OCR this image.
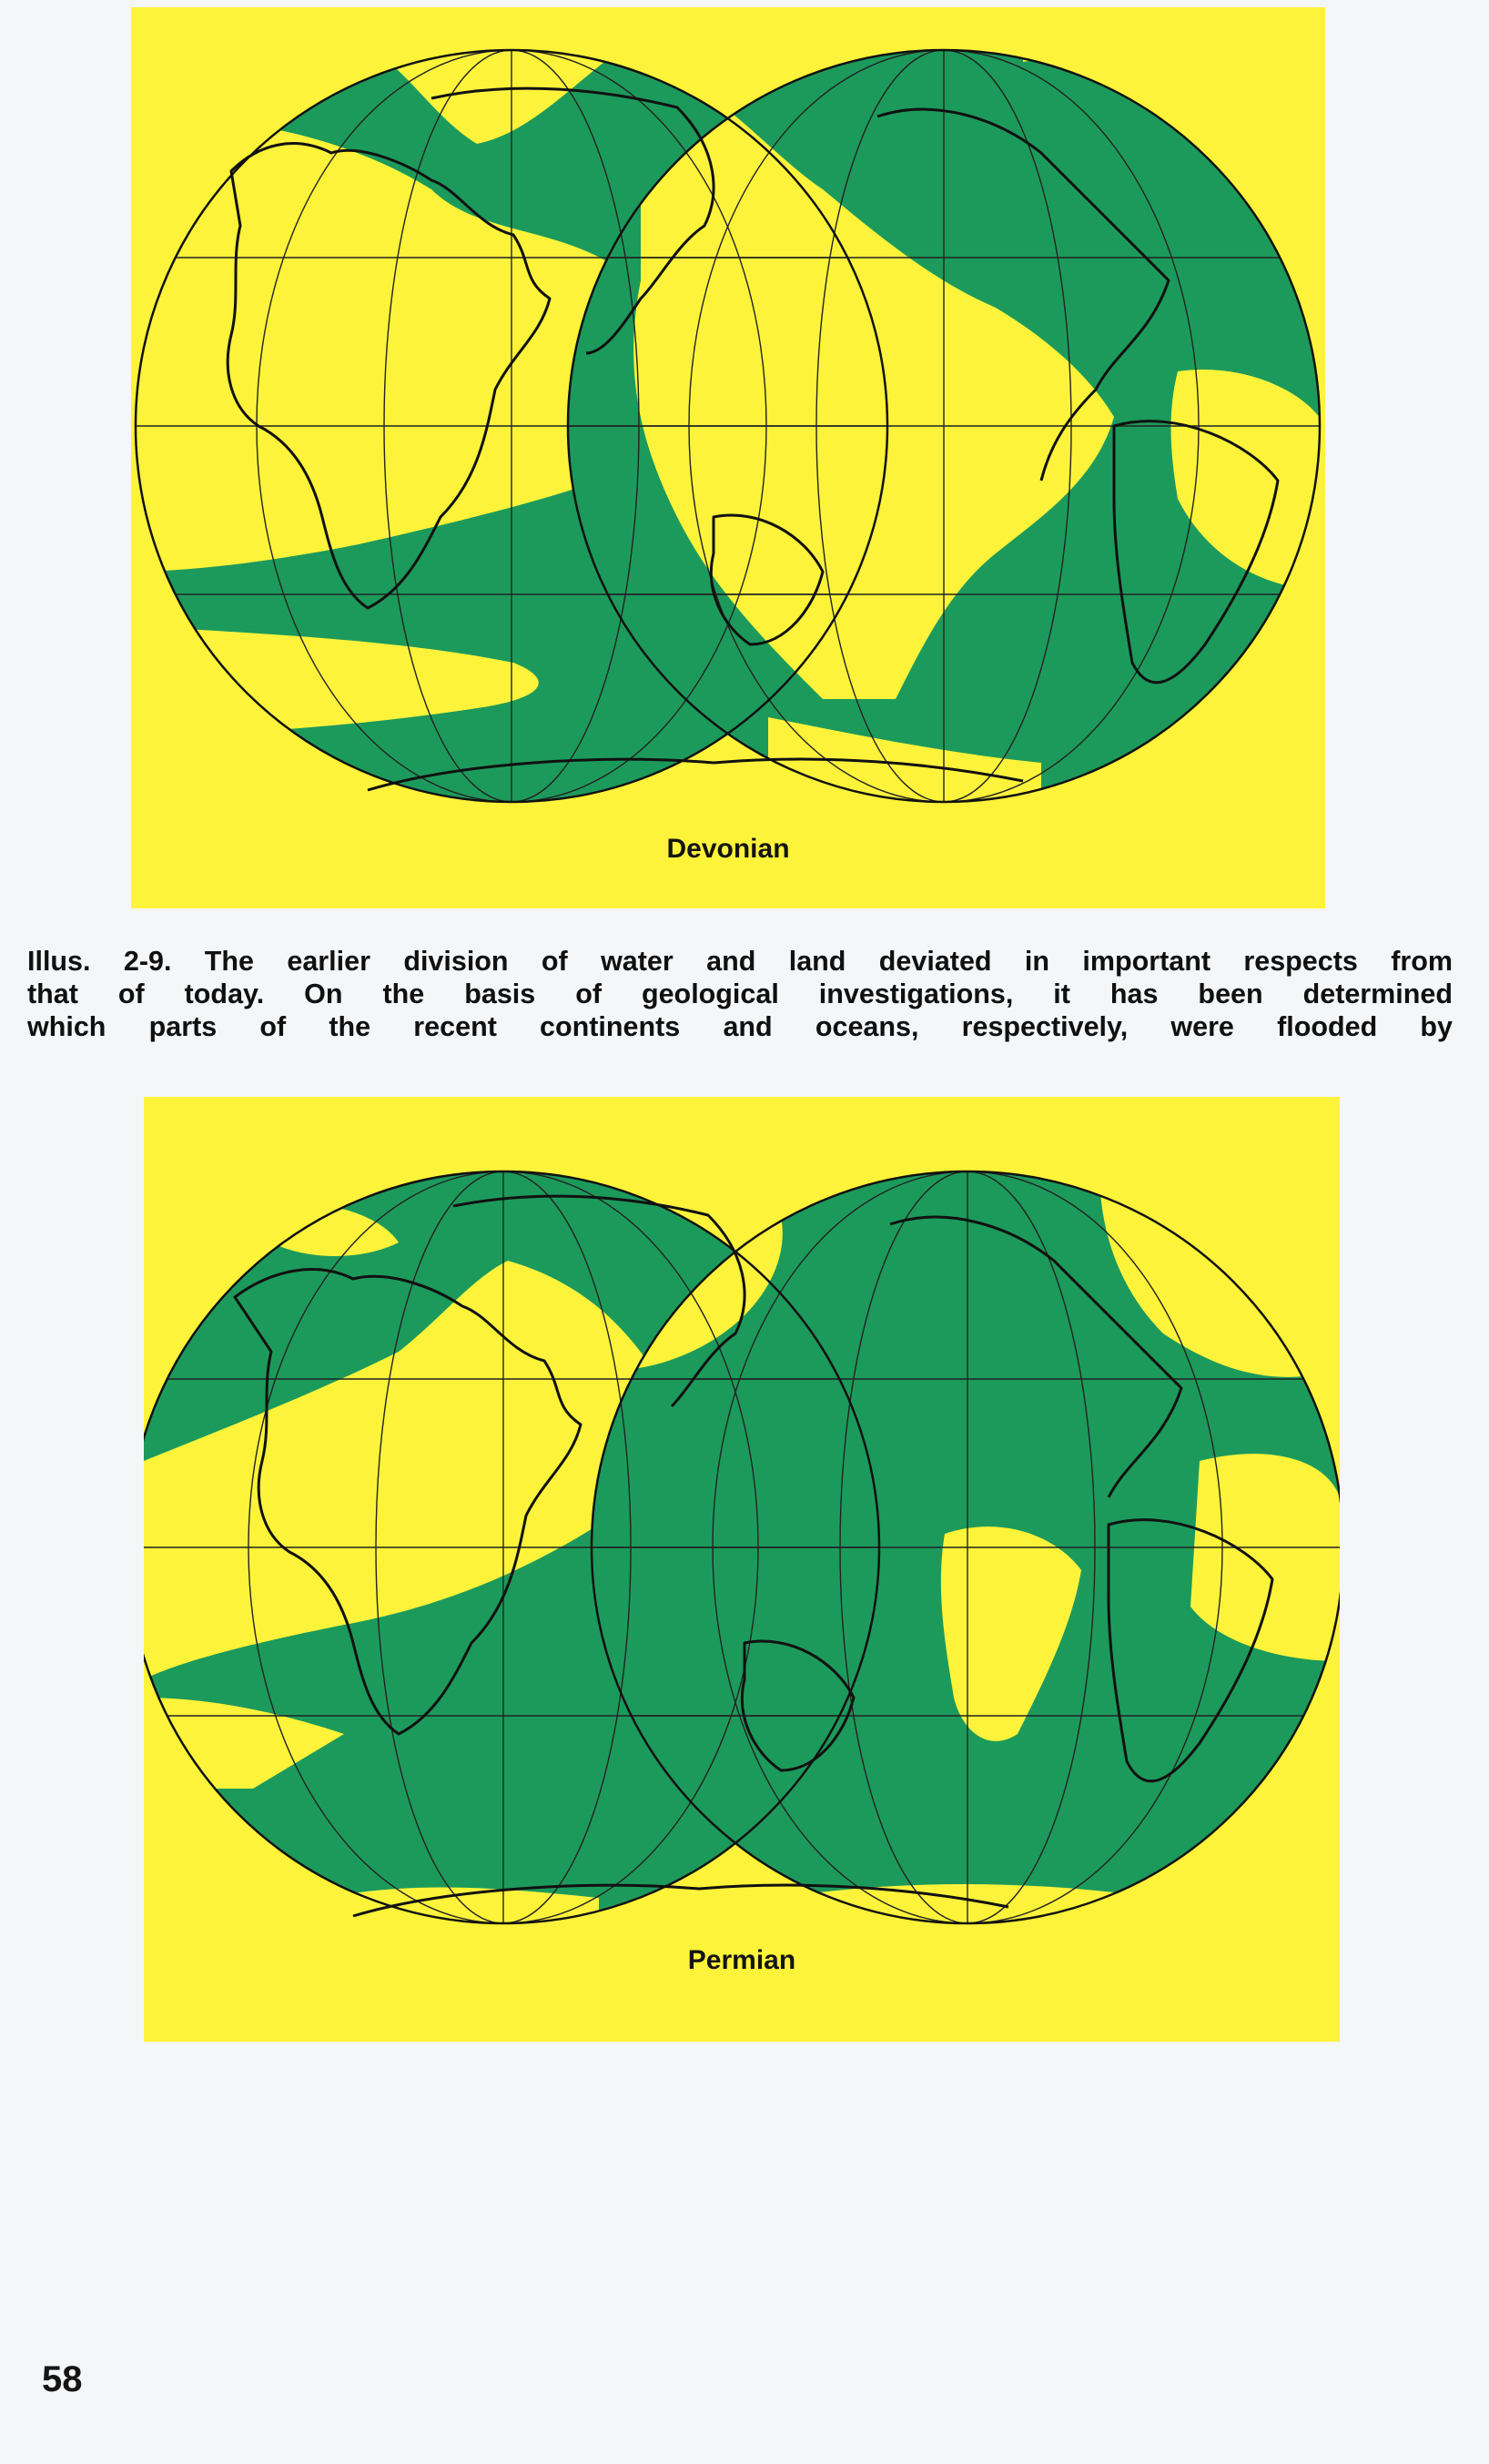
Devonian
Illus. 2-9. The earlier division of water and land deviated in important respects from
that of today. On the basis of geological investigations, it has been determined
which parts of the recent continents and oceans, respectively, were flooded by
Permian
58
